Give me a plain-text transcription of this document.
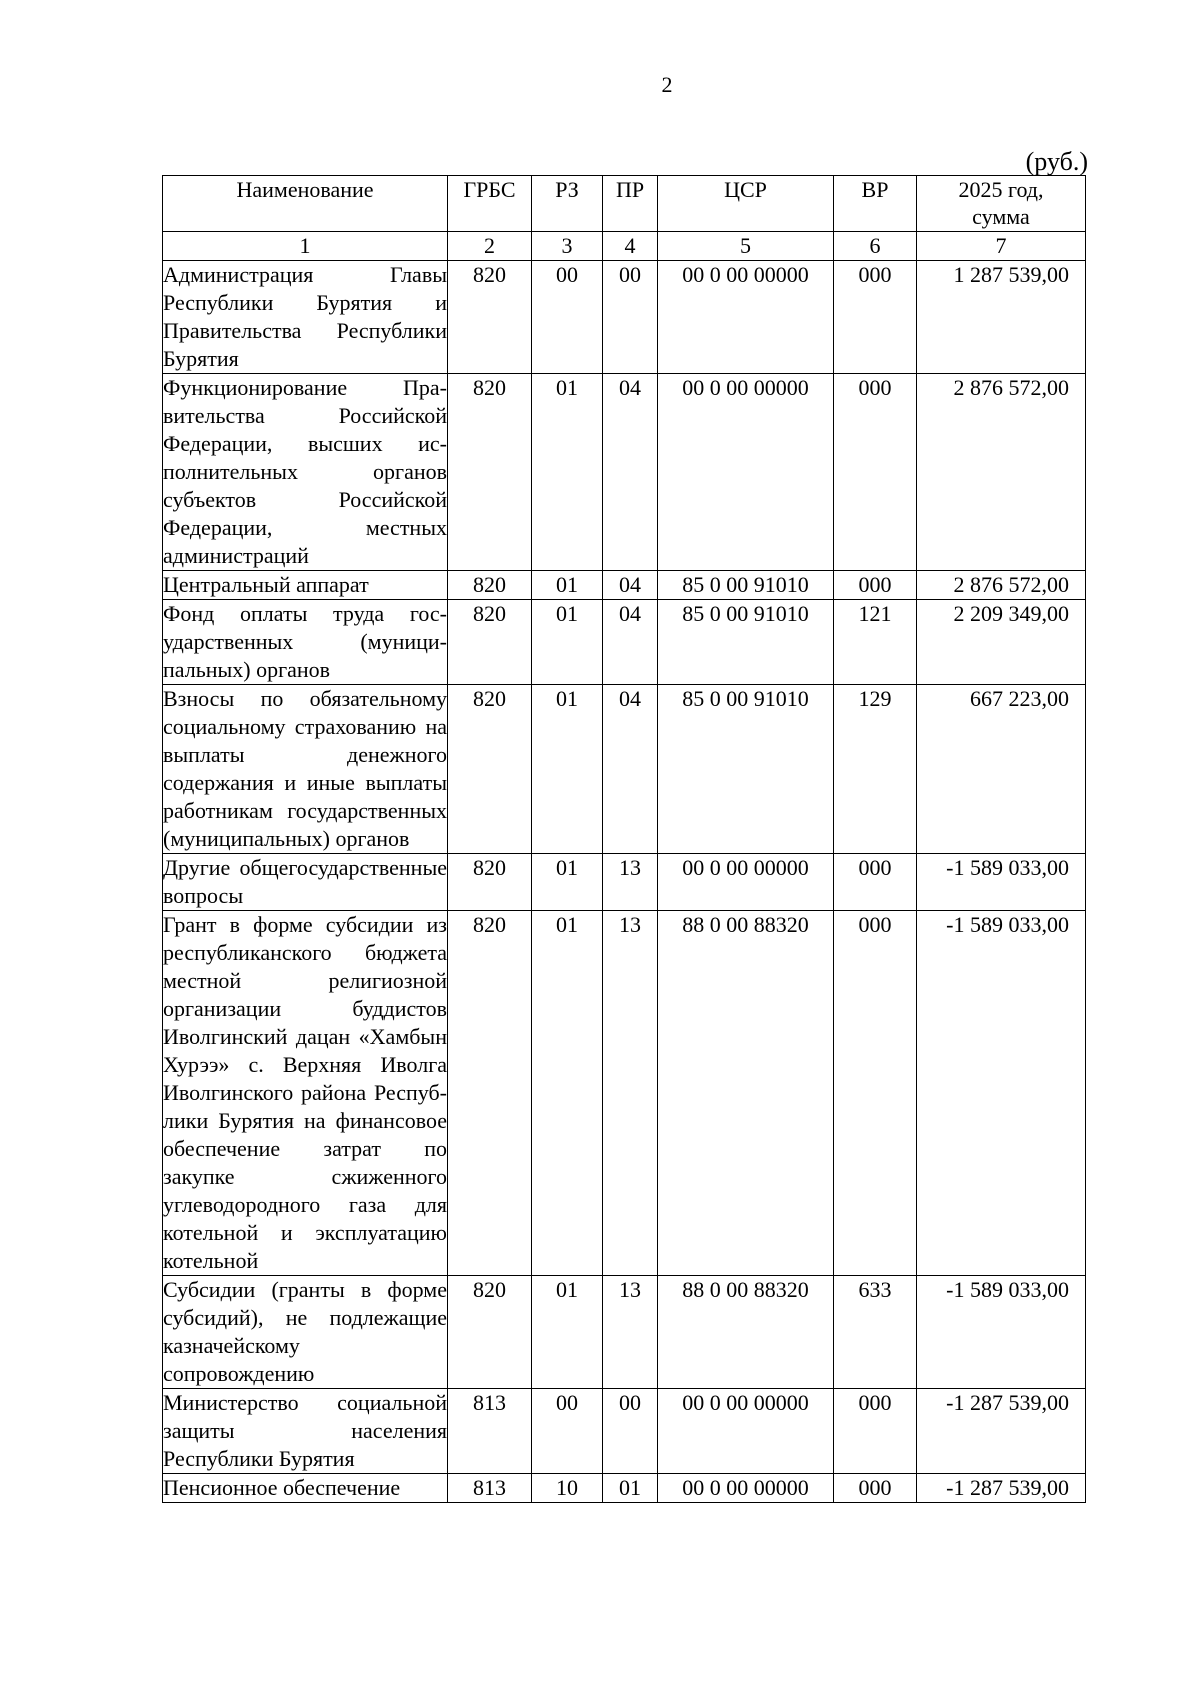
2
(руб.)
Наименование	ГРБС	РЗ	ПР	ЦСР	ВР	2025 год,
сумма

1	2	3	4	5	6	7
Администрация Главы Республики Бурятия и Правительства Республики Бурятия	820	00	00	00 0 00 00000	000	1 287 539,00
Функционирование Правительства Российской Федерации, высших исполнительных органов субъектов Российской Федерации, местных администраций	820	01	04	00 0 00 00000	000	2 876 572,00
Центральный аппарат	820	01	04	85 0 00 91010	000	2 876 572,00
Фонд оплаты труда государственных (муниципальных) органов	820	01	04	85 0 00 91010	121	2 209 349,00
Взносы по обязательному социальному страхованию на выплаты денежного содержания и иные выплаты работникам государственных (муниципальных) органов	820	01	04	85 0 00 91010	129	667 223,00
Другие общегосударственные вопросы	820	01	13	00 0 00 00000	000	-1 589 033,00
Грант в форме субсидии из республиканского бюджета местной религиозной организации буддистов Иволгинский дацан «Хамбын Хурээ» с. Верхняя Иволга Иволгинского района Республики Бурятия на финансовое обеспечение затрат по закупке сжиженного углеводородного газа для котельной и эксплуатацию котельной	820	01	13	88 0 00 88320	000	-1 589 033,00
Субсидии (гранты в форме субсидий), не подлежащие казначейскому сопровождению	820	01	13	88 0 00 88320	633	-1 589 033,00
Министерство социальной защиты населения Республики Бурятия	813	00	00	00 0 00 00000	000	-1 287 539,00
Пенсионное обеспечение	813	10	01	00 0 00 00000	000	-1 287 539,00
